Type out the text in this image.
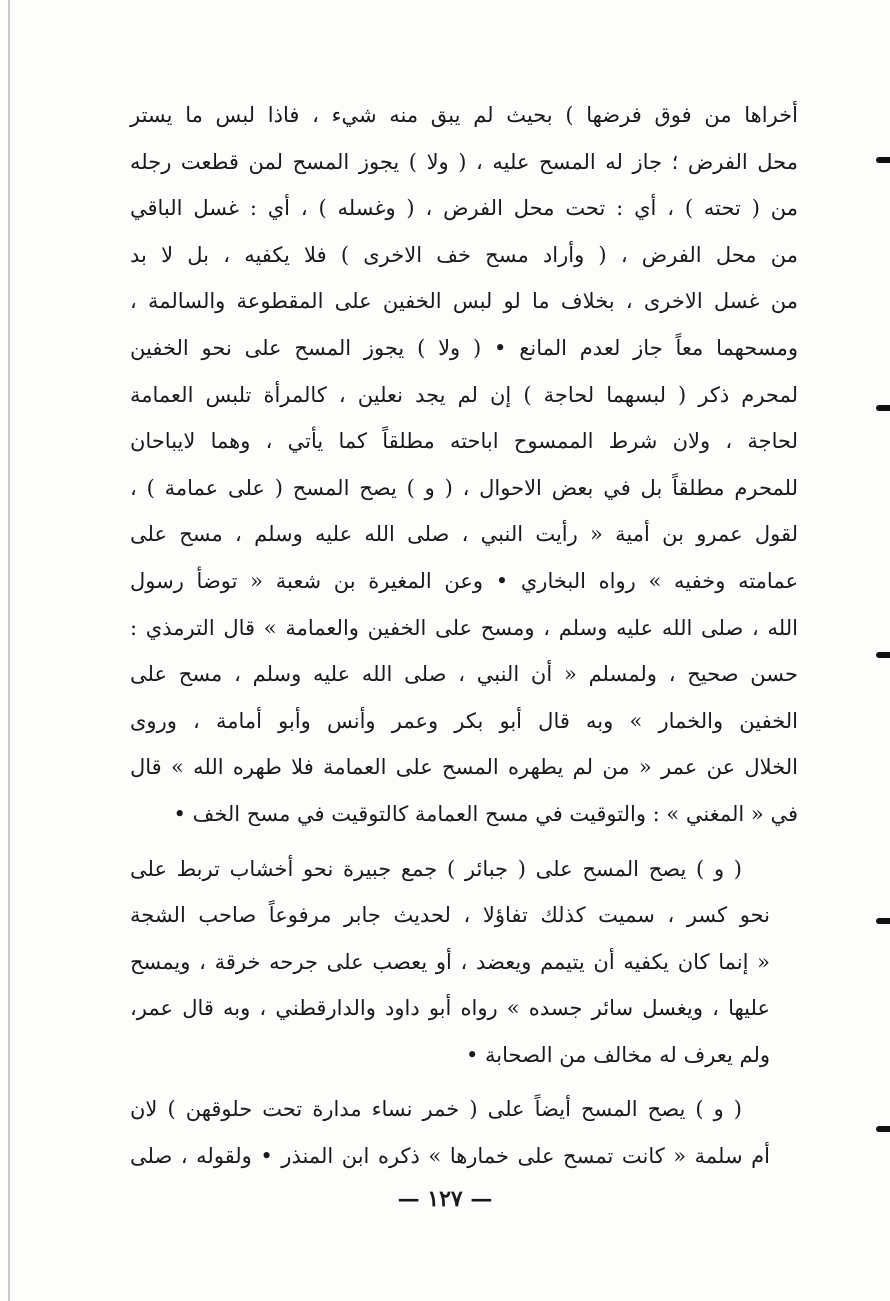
أخراها من فوق فرضها ) بحيث لم يبق منه شيء ، فاذا لبس ما يستر
محل الفرض ؛ جاز له المسح عليه ، ( ولا ) يجوز المسح لمن قطعت رجله
من ( تحته ) ، أي : تحت محل الفرض ، ( وغسله ) ، أي : غسل الباقي
من محل الفرض ، ( وأراد مسح خف الاخرى ) فلا يكفيه ، بل لا بد
من غسل الاخرى ، بخلاف ما لو لبس الخفين على المقطوعة والسالمة ،
ومسحهما معاً جاز لعدم المانع • ( ولا ) يجوز المسح على نحو الخفين
لمحرم ذكر ( لبسهما لحاجة ) إن لم يجد نعلين ، كالمرأة تلبس العمامة
لحاجة ، ولان شرط الممسوح اباحته مطلقاً كما يأتي ، وهما لايباحان
للمحرم مطلقاً بل في بعض الاحوال ، ( و ) يصح المسح ( على عمامة ) ،
لقول عمرو بن أمية « رأيت النبي ، صلى الله عليه وسلم ، مسح على
عمامته وخفيه » رواه البخاري • وعن المغيرة بن شعبة « توضأ رسول
الله ، صلى الله عليه وسلم ، ومسح على الخفين والعمامة » قال الترمذي :
حسن صحيح ، ولمسلم « أن النبي ، صلى الله عليه وسلم ، مسح على
الخفين والخمار » وبه قال أبو بكر وعمر وأنس وأبو أمامة ، وروى
الخلال عن عمر « من لم يطهره المسح على العمامة فلا طهره الله » قال
في « المغني » : والتوقيت في مسح العمامة كالتوقيت في مسح الخف •

( و ) يصح المسح على ( جبائر ) جمع جبيرة نحو أخشاب تربط على
نحو كسر ، سميت كذلك تفاؤلا ، لحديث جابر مرفوعاً صاحب الشجة
« إنما كان يكفيه أن يتيمم ويعضد ، أو يعصب على جرحه خرقة ، ويمسح
عليها ، ويغسل سائر جسده » رواه أبو داود والدارقطني ، وبه قال عمر،
ولم يعرف له مخالف من الصحابة •

( و ) يصح المسح أيضاً على ( خمر نساء مدارة تحت حلوقهن ) لان
أم سلمة « كانت تمسح على خمارها » ذكره ابن المنذر • ولقوله ، صلى

— ١٢٧ —
